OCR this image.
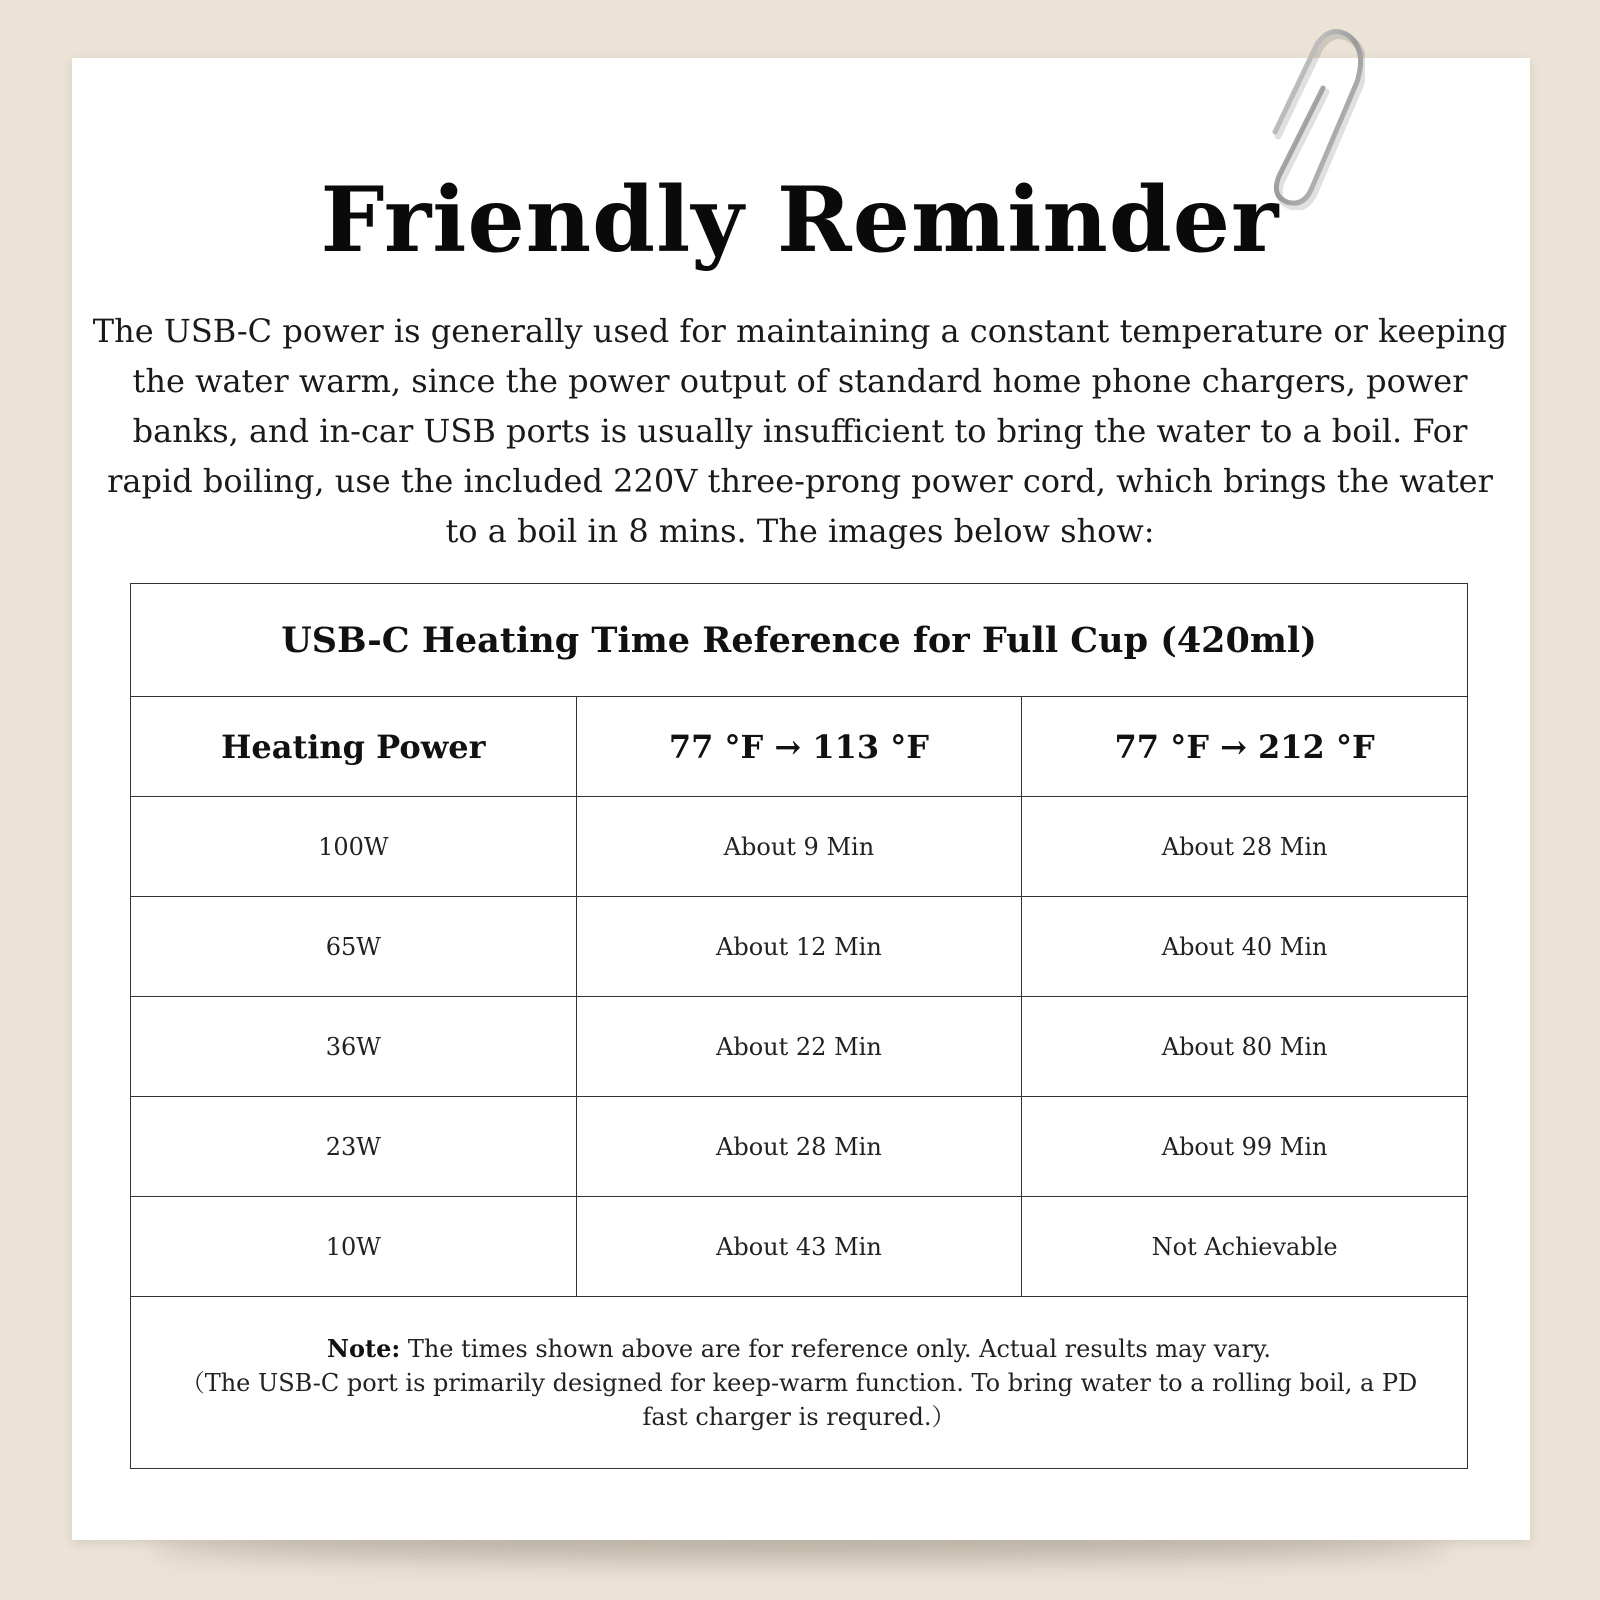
Friendly Reminder
The USB-C power is generally used for maintaining a constant temperature or keeping the water warm, since the power output of standard home phone chargers, power banks, and in-car USB ports is usually insufficient to bring the water to a boil. For rapid boiling, use the included 220V three-prong power cord, which brings the water to a boil in 8 mins. The images below show:
USB-C Heating Time Reference for Full Cup (420ml)		
Heating Power	77 °F → 113 °F	77 °F → 212 °F
100W	About 9 Min	About 28 Min
65W	About 12 Min	About 40 Min
36W	About 22 Min	About 80 Min
23W	About 28 Min	About 99 Min
10W	About 43 Min	Not Achievable
Note: The times shown above are for reference only. Actual results may vary.
（The USB-C port is primarily designed for keep-warm function. To bring water to a rolling boil, a PD fast charger is requred.）		
